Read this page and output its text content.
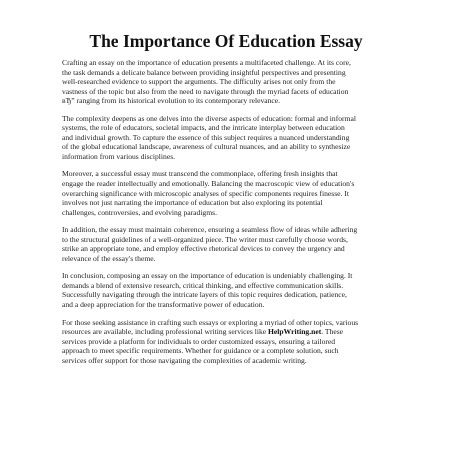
The Importance Of Education Essay

Crafting an essay on the importance of education presents a multifaceted challenge. At its core,
the task demands a delicate balance between providing insightful perspectives and presenting
well-researched evidence to support the arguments. The difficulty arises not only from the
vastness of the topic but also from the need to navigate through the myriad facets of education
вЂ” ranging from its historical evolution to its contemporary relevance.

The complexity deepens as one delves into the diverse aspects of education: formal and informal
systems, the role of educators, societal impacts, and the intricate interplay between education
and individual growth. To capture the essence of this subject requires a nuanced understanding
of the global educational landscape, awareness of cultural nuances, and an ability to synthesize
information from various disciplines.

Moreover, a successful essay must transcend the commonplace, offering fresh insights that
engage the reader intellectually and emotionally. Balancing the macroscopic view of education's
overarching significance with microscopic analyses of specific components requires finesse. It
involves not just narrating the importance of education but also exploring its potential
challenges, controversies, and evolving paradigms.

In addition, the essay must maintain coherence, ensuring a seamless flow of ideas while adhering
to the structural guidelines of a well-organized piece. The writer must carefully choose words,
strike an appropriate tone, and employ effective rhetorical devices to convey the urgency and
relevance of the essay's theme.

In conclusion, composing an essay on the importance of education is undeniably challenging. It
demands a blend of extensive research, critical thinking, and effective communication skills.
Successfully navigating through the intricate layers of this topic requires dedication, patience,
and a deep appreciation for the transformative power of education.

For those seeking assistance in crafting such essays or exploring a myriad of other topics, various
resources are available, including professional writing services like HelpWriting.net. These
services provide a platform for individuals to order customized essays, ensuring a tailored
approach to meet specific requirements. Whether for guidance or a complete solution, such
services offer support for those navigating the complexities of academic writing.
